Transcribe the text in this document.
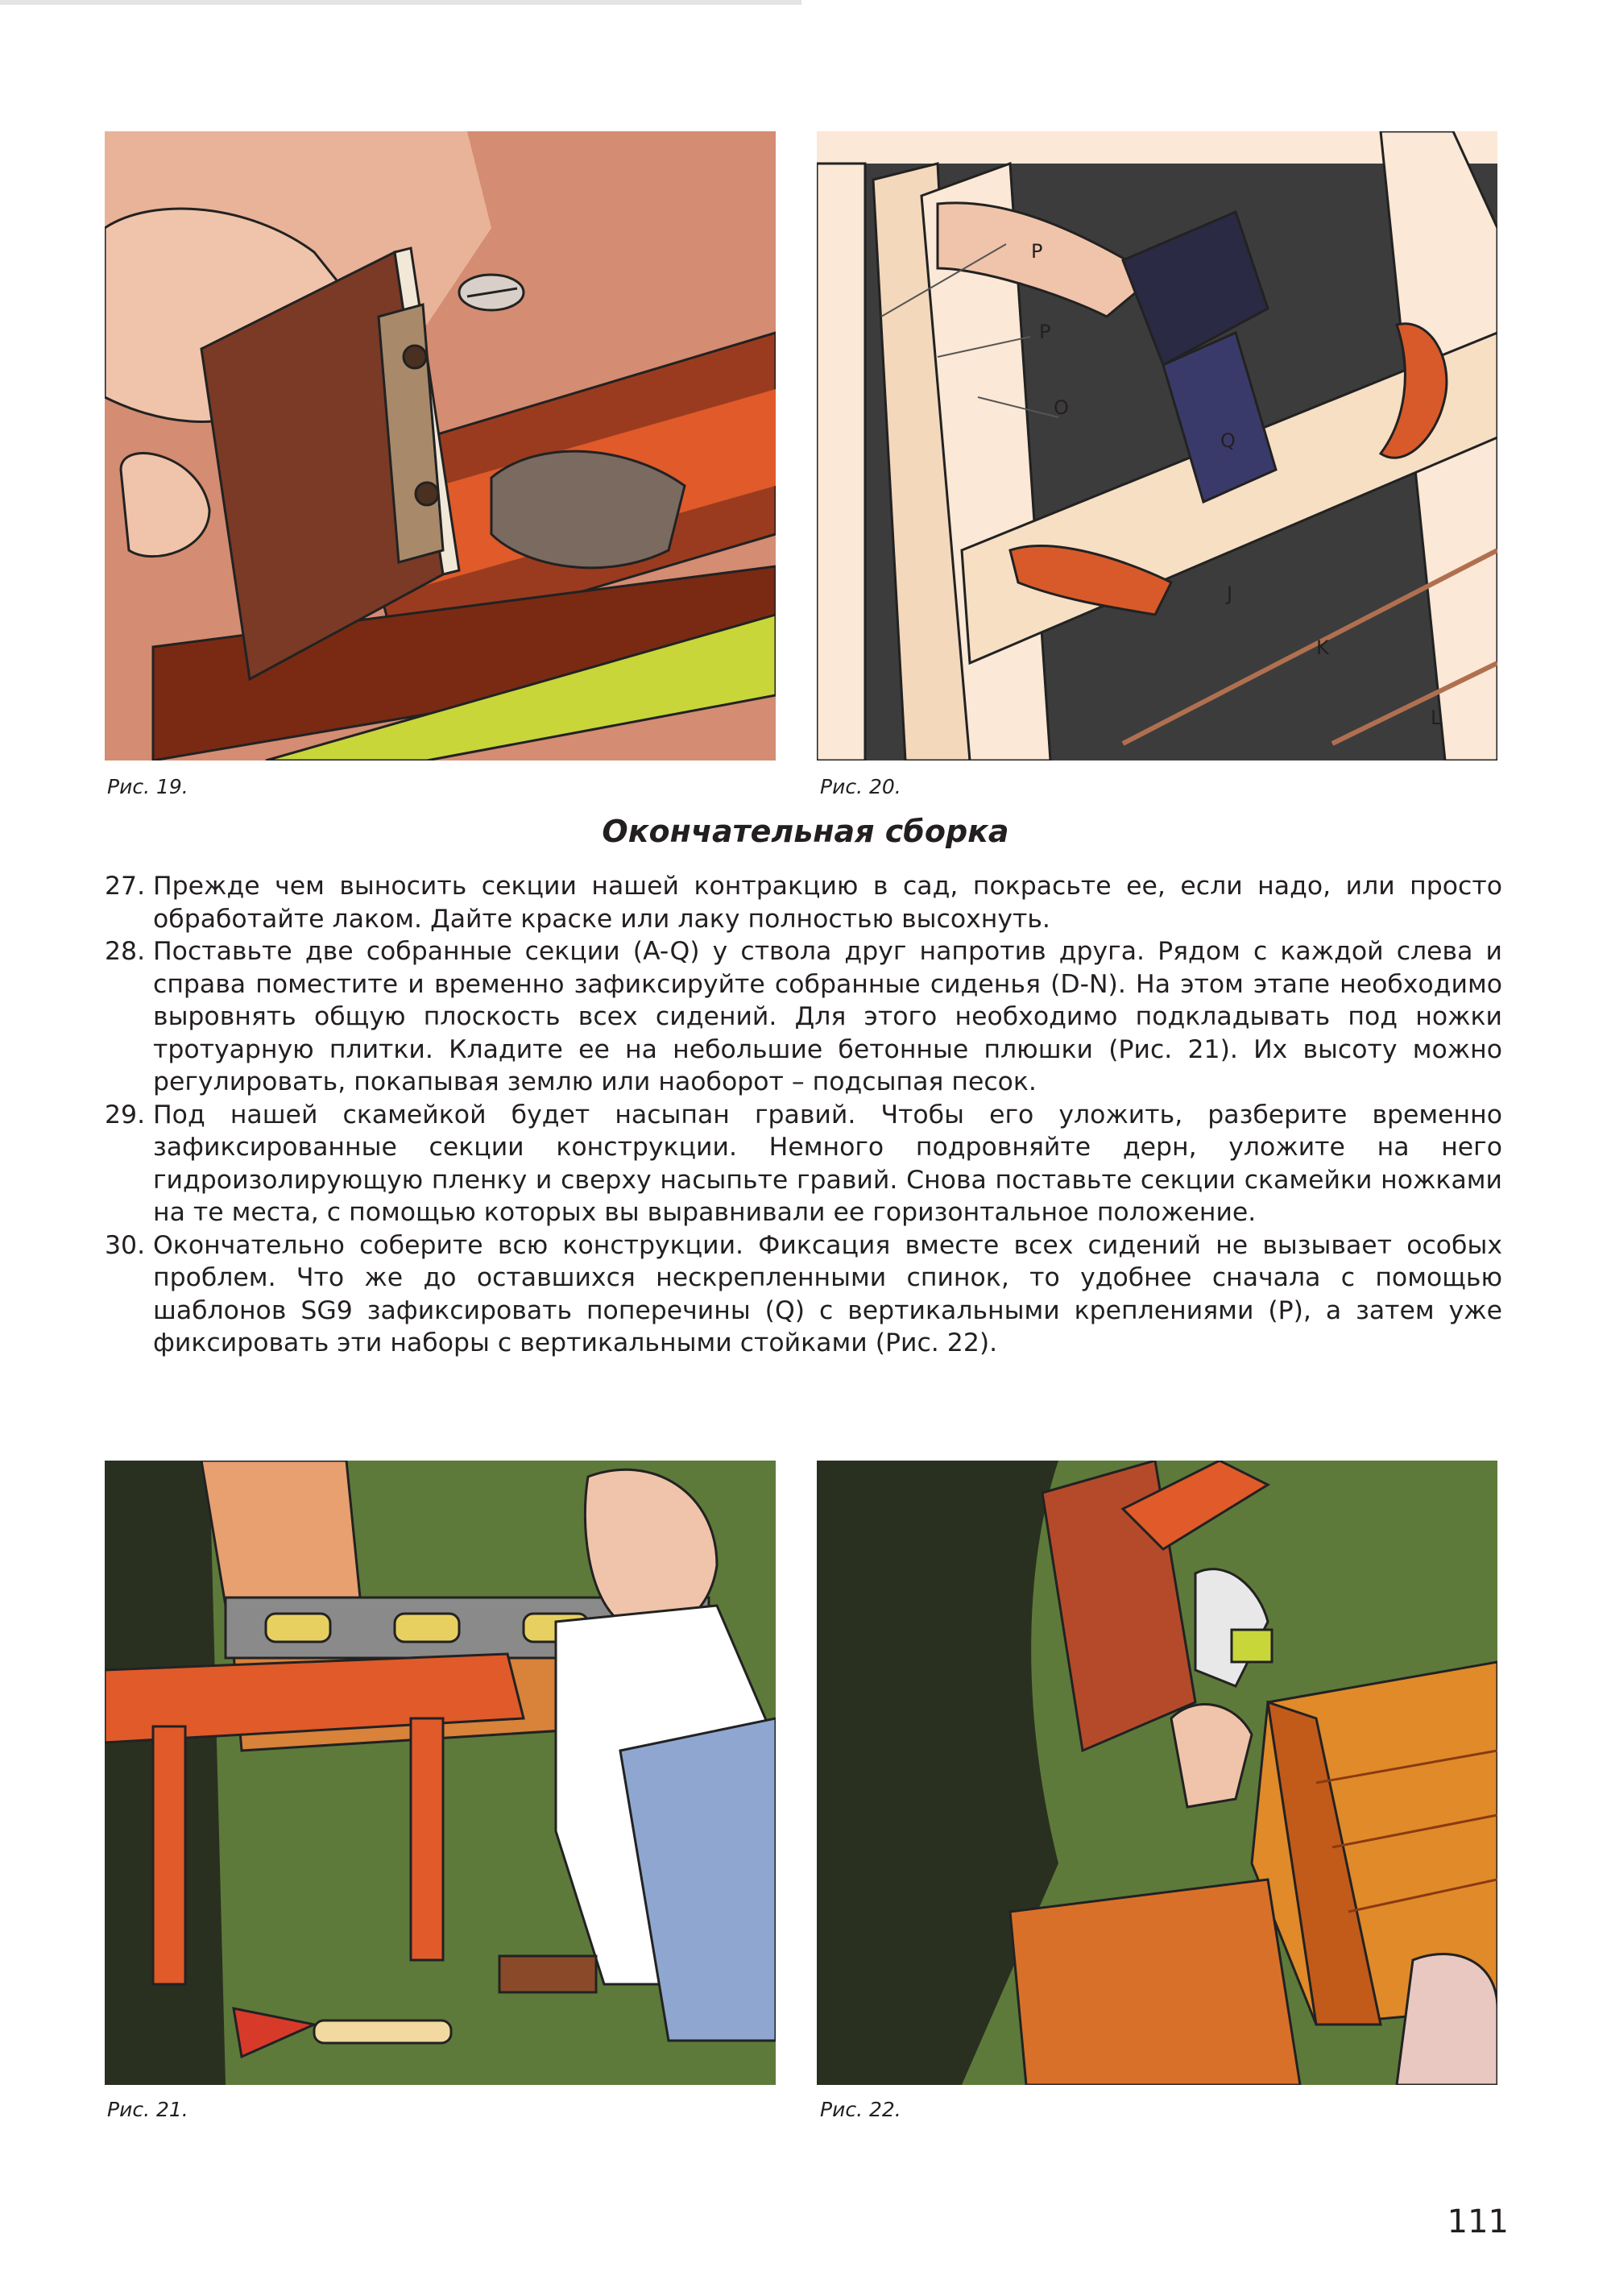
Рис. 19.

P
P
O
Q
J
K
L

Рис. 20.

Окончательная сборка

27. Прежде чем выносить секции нашей контракцию в сад, покрасьте ее, если надо, или просто обработайте лаком. Дайте краске или лаку полностью высохнуть.

28. Поставьте две собранные секции (A-Q) у ствола друг напротив друга. Рядом с каждой слева и справа поместите и временно зафиксируйте собранные сиденья (D-N). На этом этапе необходимо выровнять общую плоскость всех сидений. Для этого необходимо подкладывать под ножки тротуарную плитки. Кладите ее на небольшие бетонные плюшки (Рис. 21). Их высоту можно регулировать, покапывая землю или наоборот – подсыпая песок.

29. Под нашей скамейкой будет насыпан гравий. Чтобы его уложить, разберите временно зафиксированные секции конструкции. Немного подровняйте дерн, уложите на него гидроизолирующую пленку и сверху насыпьте гравий. Снова поставьте секции скамейки ножками на те места, с помощью которых вы выравнивали ее горизонтальное положение.

30. Окончательно соберите всю конструкции. Фиксация вместе всех сидений не вызывает особых проблем. Что же до оставшихся нескрепленными спинок, то удобнее сначала с помощью шаблонов SG9 зафиксировать поперечины (Q) с вертикальными креплениями (P), а затем уже фиксировать эти наборы с вертикальными стойками (Рис. 22).

Рис. 21.	Рис. 22.

111
